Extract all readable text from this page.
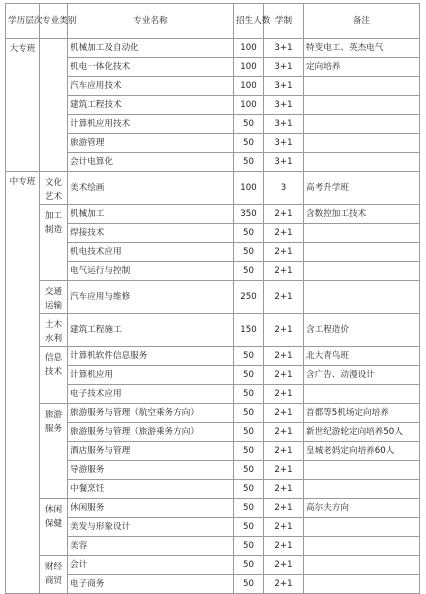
学历层次	专业类别	专业名称	招生人数	学制	备注
大专班		机械加工及自动化	100	3+1	特变电工、英杰电气
		机电一体化技术	100	3+1	定向培养
		汽车应用技术	100	3+1	
		建筑工程技术	100	3+1	
		计算机应用技术	50	3+1	
		旅游管理	50	3+1	
		会计电算化	50	3+1	
中专班	文化艺术	美术绘画	100	3	高考升学班
	加工制造	机械加工	350	2+1	含数控加工技术
		焊接技术	50	2+1	
		机电技术应用	50	2+1	
		电气运行与控制	50	2+1	
	交通运输	汽车应用与维修	250	2+1	
	土木水利	建筑工程施工	150	2+1	含工程造价
	信息技术	计算机软件信息服务	50	2+1	北大青鸟班
		计算机应用	50	2+1	含广告、动漫设计
		电子技术应用	50	2+1	
	旅游服务	旅游服务与管理（航空乘务方向）	50	2+1	首都等5机场定向培养
		旅游服务与管理（旅游乘务方向）	50	2+1	新世纪游轮定向培养50人
		酒店服务与管理	50	2+1	皇城老妈定向培养60人
		导游服务	50	2+1	
		中餐烹饪	50	2+1	
	休闲保健	休闲服务	50	2+1	高尔夫方向
		美发与形象设计	50	2+1	
		美容	50	2+1	
	财经商贸	会计	50	2+1	
		电子商务	50	2+1	
